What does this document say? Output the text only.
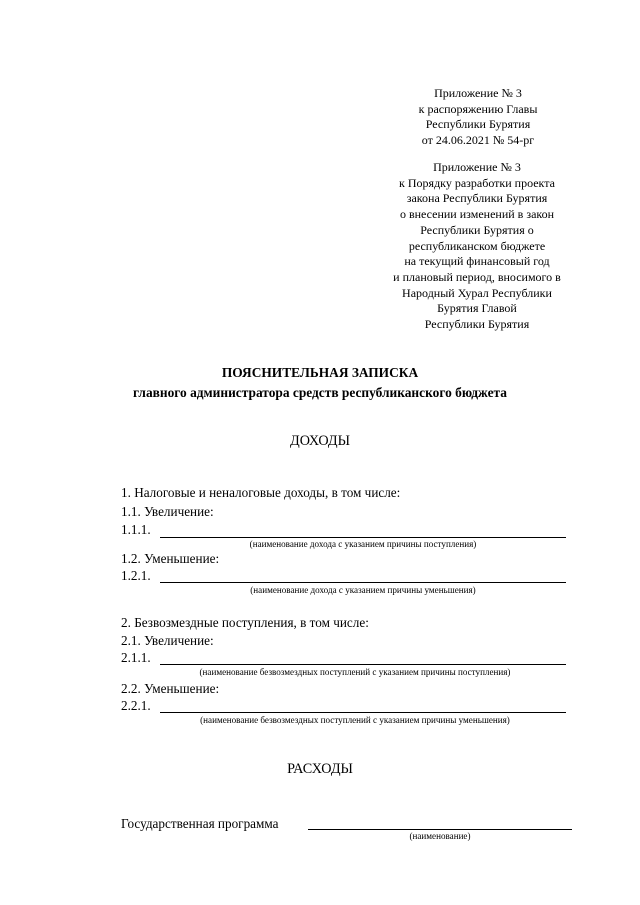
Приложение № 3
к распоряжению Главы
Республики Бурятия
от 24.06.2021 № 54-рг
Приложение № 3
к Порядку разработки проекта
закона Республики Бурятия
о внесении изменений в закон
Республики Бурятия о
республиканском бюджете
на текущий финансовый год
и плановый период, вносимого в
Народный Хурал Республики
Бурятия Главой
Республики Бурятия
ПОЯСНИТЕЛЬНАЯ ЗАПИСКА
главного администратора средств республиканского бюджета
ДОХОДЫ
1. Налоговые и неналоговые доходы, в том числе:
1.1. Увеличение:
1.1.1.
(наименование дохода с указанием причины поступления)
1.2. Уменьшение:
1.2.1.
(наименование дохода с указанием причины уменьшения)
2. Безвозмездные поступления, в том числе:
2.1. Увеличение:
2.1.1.
(наименование безвозмездных поступлений с указанием причины поступления)
2.2. Уменьшение:
2.2.1.
(наименование безвозмездных поступлений с указанием причины уменьшения)
РАСХОДЫ
Государственная программа
(наименование)
